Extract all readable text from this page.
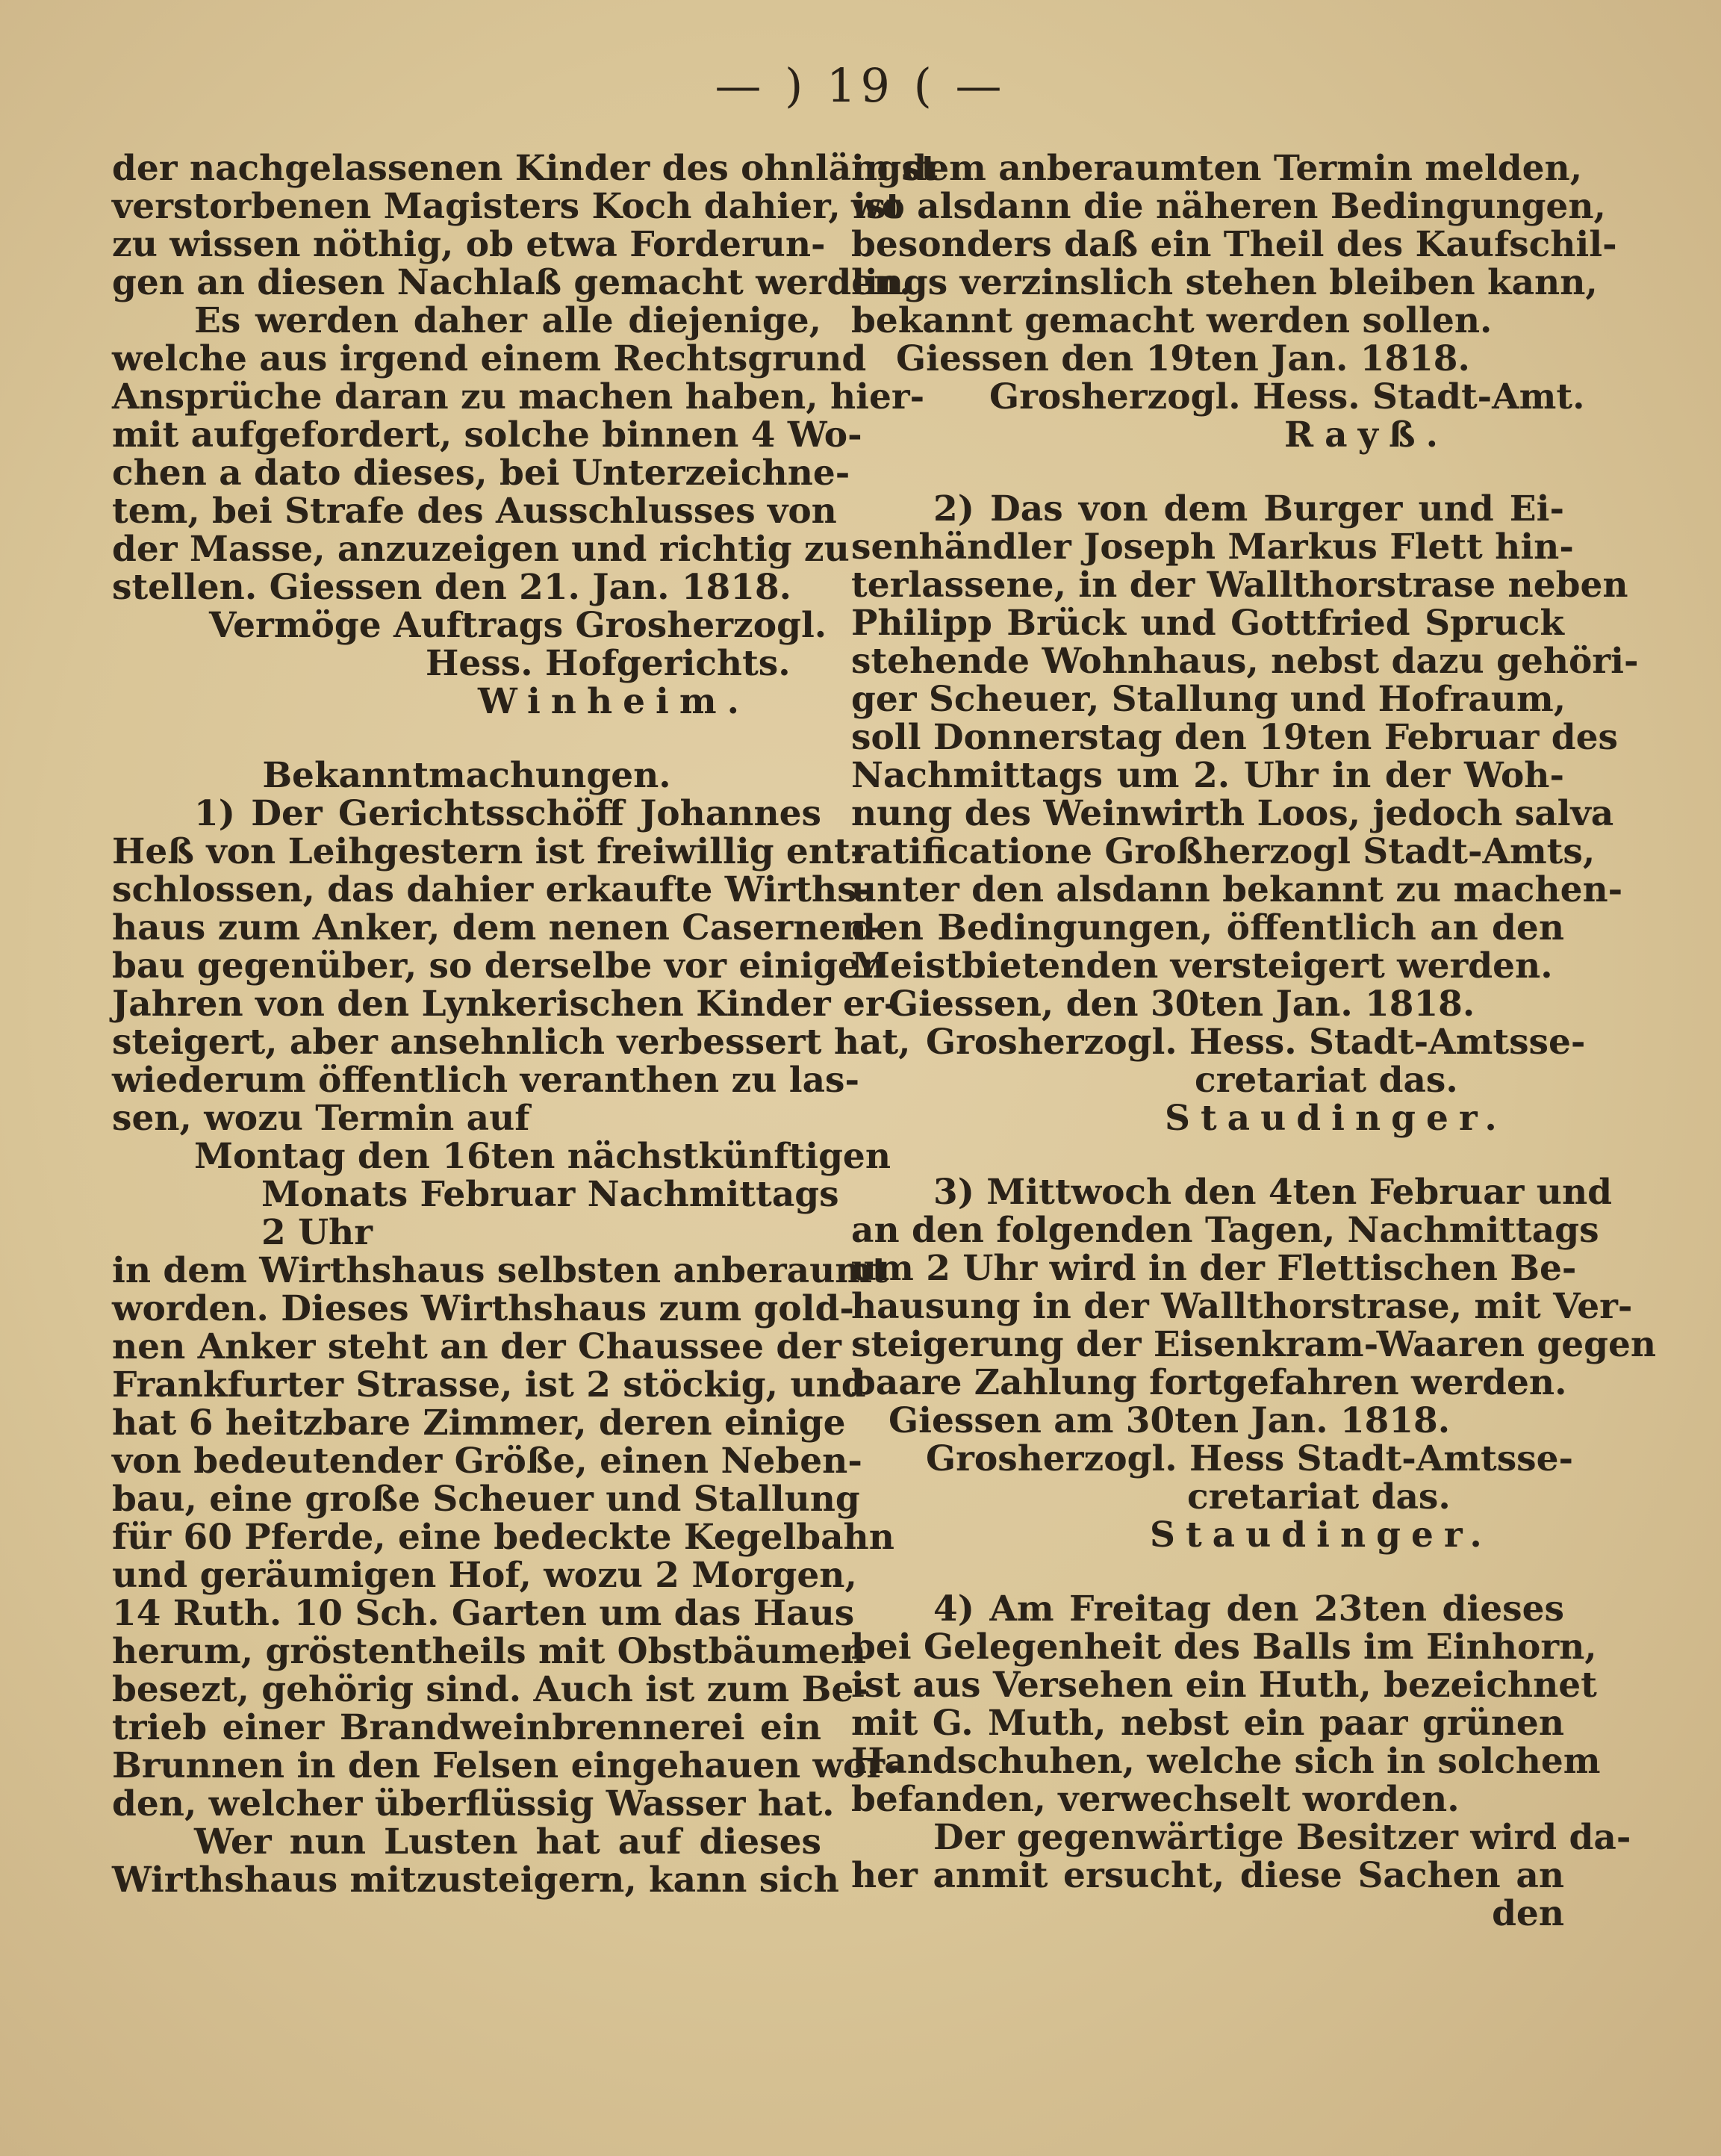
— ) 19 ( —
der nachgelassenen Kinder des ohnlängst
verstorbenen Magisters Koch dahier, ist
zu wissen nöthig, ob etwa Forderun-
gen an diesen Nachlaß gemacht werden.
Es werden daher alle diejenige,
welche aus irgend einem Rechtsgrund
Ansprüche daran zu machen haben, hier-
mit aufgefordert, solche binnen 4 Wo-
chen a dato dieses, bei Unterzeichne-
tem, bei Strafe des Ausschlusses von
der Masse, anzuzeigen und richtig zu
stellen. Giessen den 21. Jan. 1818.
Vermöge Auftrags Grosherzogl.
Hess. Hofgerichts.
Winheim.
Bekanntmachungen.
1) Der Gerichtsschöff Johannes
Heß von Leihgestern ist freiwillig ent-
schlossen, das dahier erkaufte Wirths-
haus zum Anker, dem nenen Casernen-
bau gegenüber, so derselbe vor einigen
Jahren von den Lynkerischen Kinder er-
steigert, aber ansehnlich verbessert hat,
wiederum öffentlich veranthen zu las-
sen, wozu Termin auf
Montag den 16ten nächstkünftigen
Monats Februar Nachmittags
2 Uhr
in dem Wirthshaus selbsten anberaumt
worden. Dieses Wirthshaus zum gold-
nen Anker steht an der Chaussee der
Frankfurter Strasse, ist 2 stöckig, und
hat 6 heitzbare Zimmer, deren einige
von bedeutender Größe, einen Neben-
bau, eine große Scheuer und Stallung
für 60 Pferde, eine bedeckte Kegelbahn
und geräumigen Hof, wozu 2 Morgen,
14 Ruth. 10 Sch. Garten um das Haus
herum, gröstentheils mit Obstbäumen
besezt, gehörig sind. Auch ist zum Be-
trieb einer Brandweinbrennerei ein
Brunnen in den Felsen eingehauen wor-
den, welcher überflüssig Wasser hat.
Wer nun Lusten hat auf dieses
Wirthshaus mitzusteigern, kann sich
in dem anberaumten Termin melden,
wo alsdann die näheren Bedingungen,
besonders daß ein Theil des Kaufschil-
lings verzinslich stehen bleiben kann,
bekannt gemacht werden sollen.
Giessen den 19ten Jan. 1818.
Grosherzogl. Hess. Stadt-Amt.
Rayß.
2) Das von dem Burger und Ei-
senhändler Joseph Markus Flett hin-
terlassene, in der Wallthorstrase neben
Philipp Brück und Gottfried Spruck
stehende Wohnhaus, nebst dazu gehöri-
ger Scheuer, Stallung und Hofraum,
soll Donnerstag den 19ten Februar des
Nachmittags um 2. Uhr in der Woh-
nung des Weinwirth Loos, jedoch salva
ratificatione Großherzogl Stadt-Amts,
unter den alsdann bekannt zu machen-
den Bedingungen, öffentlich an den
Meistbietenden versteigert werden.
Giessen, den 30ten Jan. 1818.
Grosherzogl. Hess. Stadt-Amtsse-
cretariat das.
Staudinger.
3) Mittwoch den 4ten Februar und
an den folgenden Tagen, Nachmittags
um 2 Uhr wird in der Flettischen Be-
hausung in der Wallthorstrase, mit Ver-
steigerung der Eisenkram-Waaren gegen
baare Zahlung fortgefahren werden.
Giessen am 30ten Jan. 1818.
Grosherzogl. Hess Stadt-Amtsse-
cretariat das.
Staudinger.
4) Am Freitag den 23ten dieses
bei Gelegenheit des Balls im Einhorn,
ist aus Versehen ein Huth, bezeichnet
mit G. Muth, nebst ein paar grünen
Handschuhen, welche sich in solchem
befanden, verwechselt worden.
Der gegenwärtige Besitzer wird da-
her anmit ersucht, diese Sachen an
den
